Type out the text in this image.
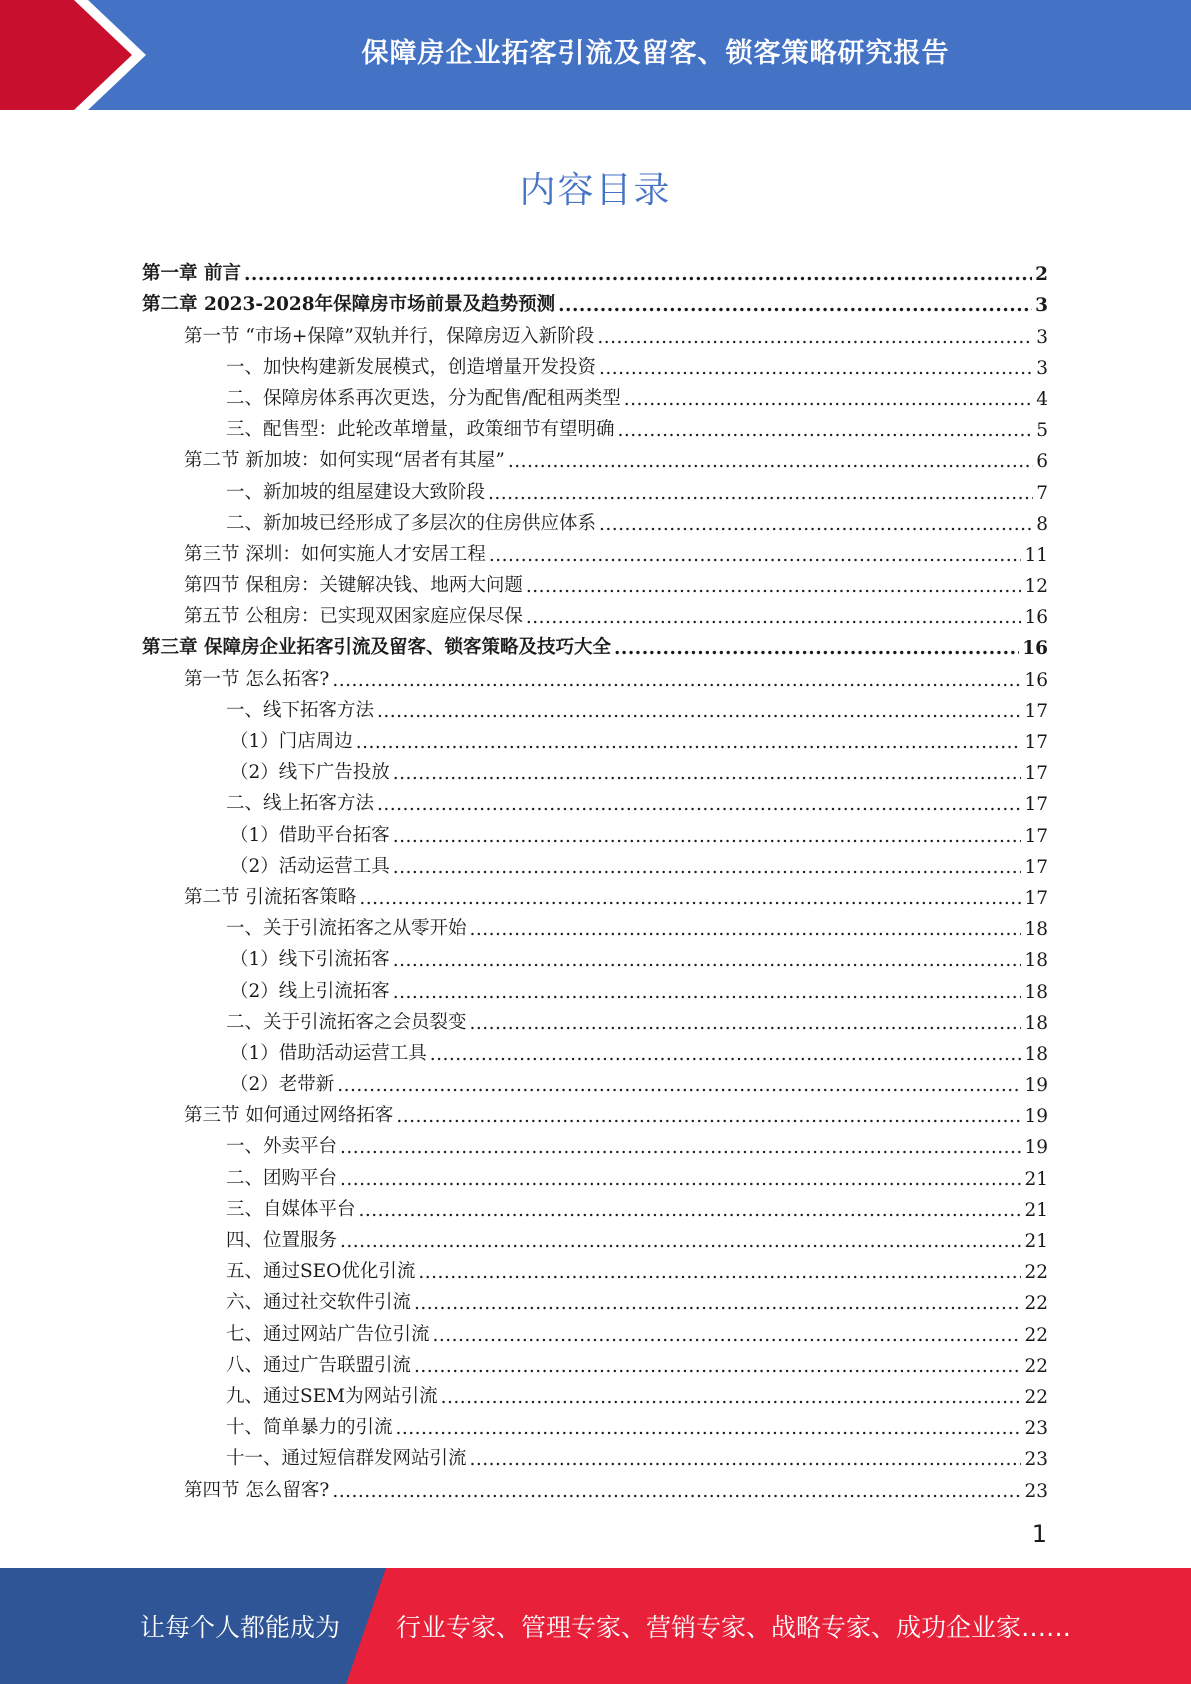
保障房企业拓客引流及留客、锁客策略研究报告
内容目录
第一章 前言 .....	2
第二章 2023-2028年保障房市场前景及趋势预测 .....	3
第一节 “市场+保障”双轨并行，保障房迈入新阶段 .....	3
一、加快构建新发展模式，创造增量开发投资 .....	3
二、保障房体系再次更迭，分为配售/配租两类型 .....	4
三、配售型：此轮改革增量，政策细节有望明确 .....	5
第二节 新加坡：如何实现“居者有其屋” .....	6
一、新加坡的组屋建设大致阶段 .....	7
二、新加坡已经形成了多层次的住房供应体系 .....	8
第三节 深圳：如何实施人才安居工程 .....	11
第四节 保租房：关键解决钱、地两大问题 .....	12
第五节 公租房：已实现双困家庭应保尽保 .....	16
第三章 保障房企业拓客引流及留客、锁客策略及技巧大全 .....	16
第一节 怎么拓客? .....	16
一、线下拓客方法 .....	17
（1）门店周边 .....	17
（2）线下广告投放 .....	17
二、线上拓客方法 .....	17
（1）借助平台拓客 .....	17
（2）活动运营工具 .....	17
第二节 引流拓客策略 .....	17
一、关于引流拓客之从零开始 .....	18
（1）线下引流拓客 .....	18
（2）线上引流拓客 .....	18
二、关于引流拓客之会员裂变 .....	18
（1）借助活动运营工具 .....	18
（2）老带新 .....	19
第三节 如何通过网络拓客 .....	19
一、外卖平台 .....	19
二、团购平台 .....	21
三、自媒体平台 .....	21
四、位置服务 .....	21
五、通过SEO优化引流 .....	22
六、通过社交软件引流 .....	22
七、通过网站广告位引流 .....	22
八、通过广告联盟引流 .....	22
九、通过SEM为网站引流 .....	22
十、简单暴力的引流 .....	23
十一、通过短信群发网站引流 .....	23
第四节 怎么留客? .....	23
1
让每个人都能成为 行业专家、管理专家、营销专家、战略专家、成功企业家……
